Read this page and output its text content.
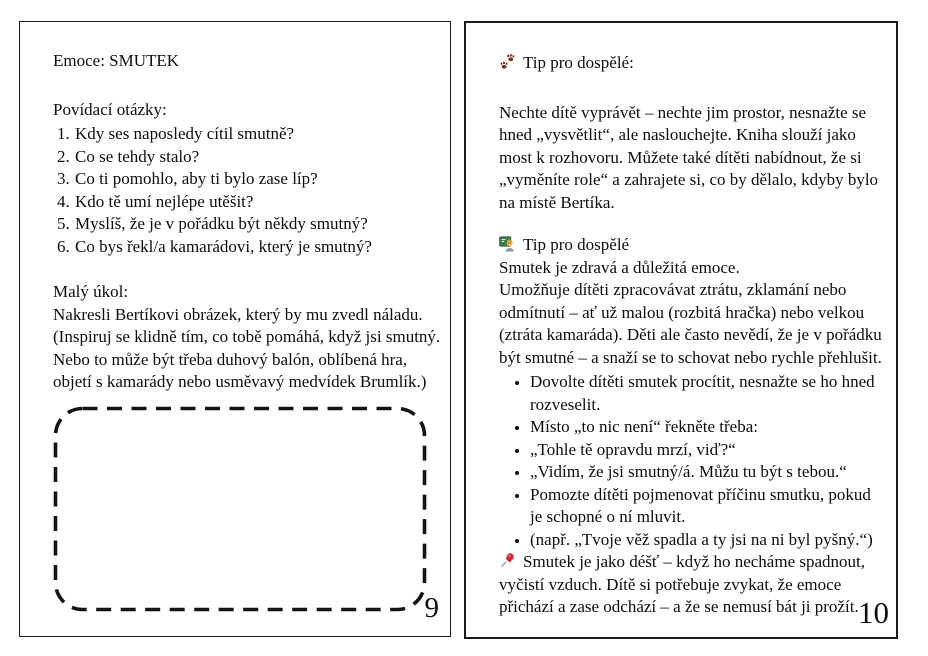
Emoce: SMUTEK
Povídací otázky:
1. Kdy ses naposledy cítil smutně?
2. Co se tehdy stalo?
3. Co ti pomohlo, aby ti bylo zase líp?
4. Kdo tě umí nejlépe utěšit?
5. Myslíš, že je v pořádku být někdy smutný?
6. Co bys řekl/a kamarádovi, který je smutný?
Malý úkol:
Nakresli Bertíkovi obrázek, který by mu zvedl náladu.
(Inspiruj se klidně tím, co tobě pomáhá, když jsi smutný.
Nebo to může být třeba duhový balón, oblíbená hra,
objetí s kamarády nebo usměvavý medvídek Brumlík.)
9
Tip pro dospělé:
Nechte dítě vyprávět – nechte jim prostor, nesnažte se
hned „vysvětlit“, ale naslouchejte. Kniha slouží jako
most k rozhovoru. Můžete také dítěti nabídnout, že si
„vyměníte role“ a zahrajete si, co by dělalo, kdyby bylo
na místě Bertíka.
Tip pro dospělé
Smutek je zdravá a důležitá emoce.
Umožňuje dítěti zpracovávat ztrátu, zklamání nebo
odmítnutí – ať už malou (rozbitá hračka) nebo velkou
(ztráta kamaráda). Děti ale často nevědí, že je v pořádku
být smutné – a snaží se to schovat nebo rychle přehlušit.
• Dovolte dítěti smutek procítit, nesnažte se ho hned rozveselit.
• Místo „to nic není“ řekněte třeba:
• „Tohle tě opravdu mrzí, viď?“
• „Vidím, že jsi smutný/á. Můžu tu být s tebou.“
• Pomozte dítěti pojmenovat příčinu smutku, pokud je schopné o ní mluvit.
• (např. „Tvoje věž spadla a ty jsi na ni byl pyšný.“)
Smutek je jako déšť – když ho necháme spadnout,
vyčistí vzduch. Dítě si potřebuje zvykat, že emoce
přichází a zase odchází – a že se nemusí bát ji prožít. 10
